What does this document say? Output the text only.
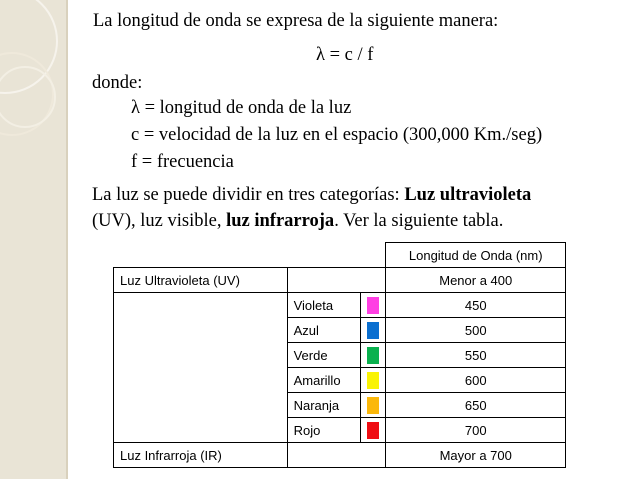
La longitud de onda se expresa de la siguiente manera:
λ = c / f
donde:
λ = longitud de onda de la luz
c = velocidad de la luz en el espacio (300,000 Km./seg)
f = frecuencia
La luz se puede dividir en tres categorías: Luz ultravioleta
(UV), luz visible, luz infrarroja. Ver la siguiente tabla.
			Longitud de Onda (nm)
Luz Ultravioleta (UV)			Menor a 400
	Violeta		450
	Azul		500
	Verde		550
	Amarillo		600
	Naranja		650
	Rojo		700
Luz Infrarroja (IR)			Mayor a 700
